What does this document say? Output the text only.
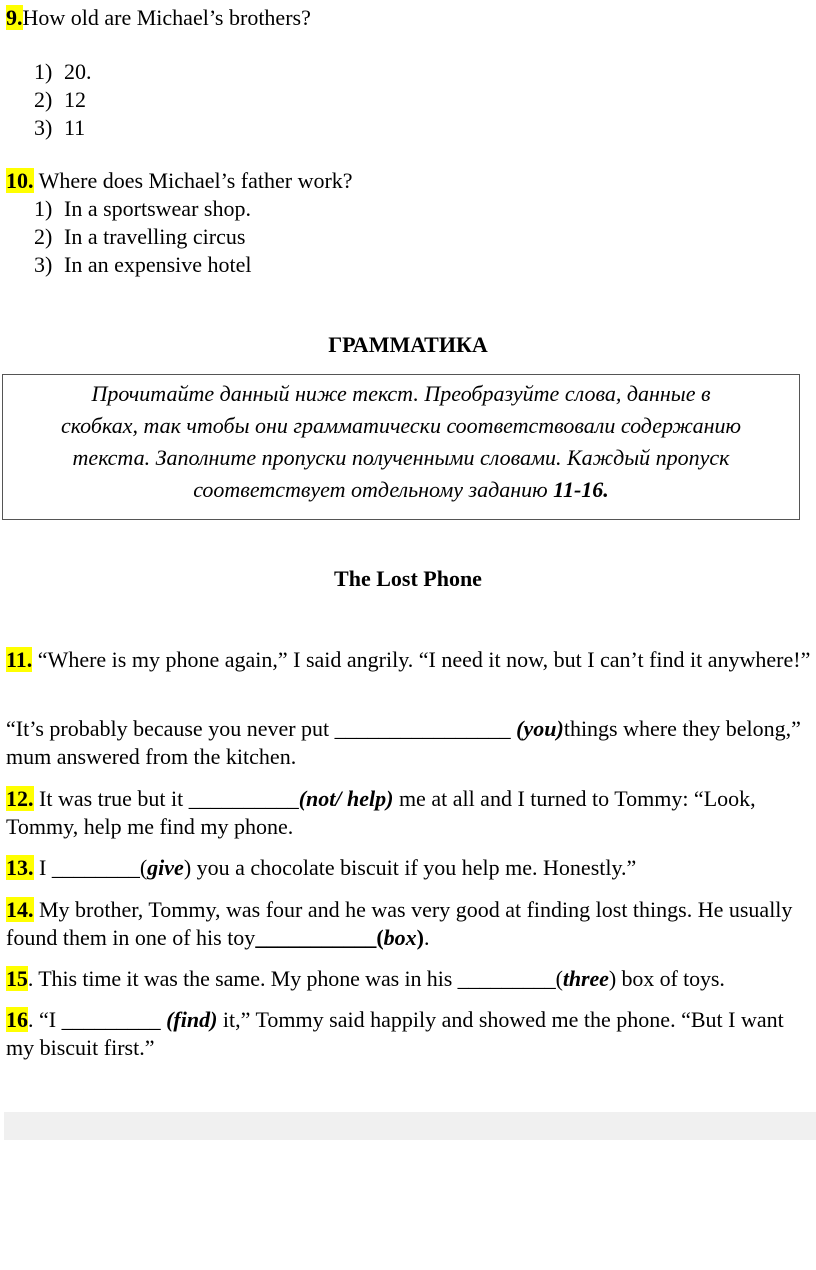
9.How old are Michael’s brothers?
1) 20.
2) 12
3) 11
10. Where does Michael’s father work?
1) In a sportswear shop.
2) In a travelling circus
3) In an expensive hotel
ГРАММАТИКА
Прочитайте данный ниже текст. Преобразуйте слова, данные в
скобках, так чтобы они грамматически соответствовали содержанию
текста. Заполните пропуски полученными словами. Каждый пропуск
соответствует отдельному заданию 11-16.
The Lost Phone
11. “Where is my phone again,” I said angrily. “I need it now, but I can’t find it anywhere!”
“It’s probably because you never put ________________ (you)things where they belong,” mum answered from the kitchen.
12. It was true but it __________(not/ help) me at all and I turned to Tommy: “Look, Tommy, help me find my phone.
13. I ________(give) you a chocolate biscuit if you help me. Honestly.”
14. My brother, Tommy, was four and he was very good at finding lost things. He usually found them in one of his toy___________(box).
15. This time it was the same. My phone was in his _________(three) box of toys.
16. “I _________ (find) it,” Tommy said happily and showed me the phone. “But I want my biscuit first.”
